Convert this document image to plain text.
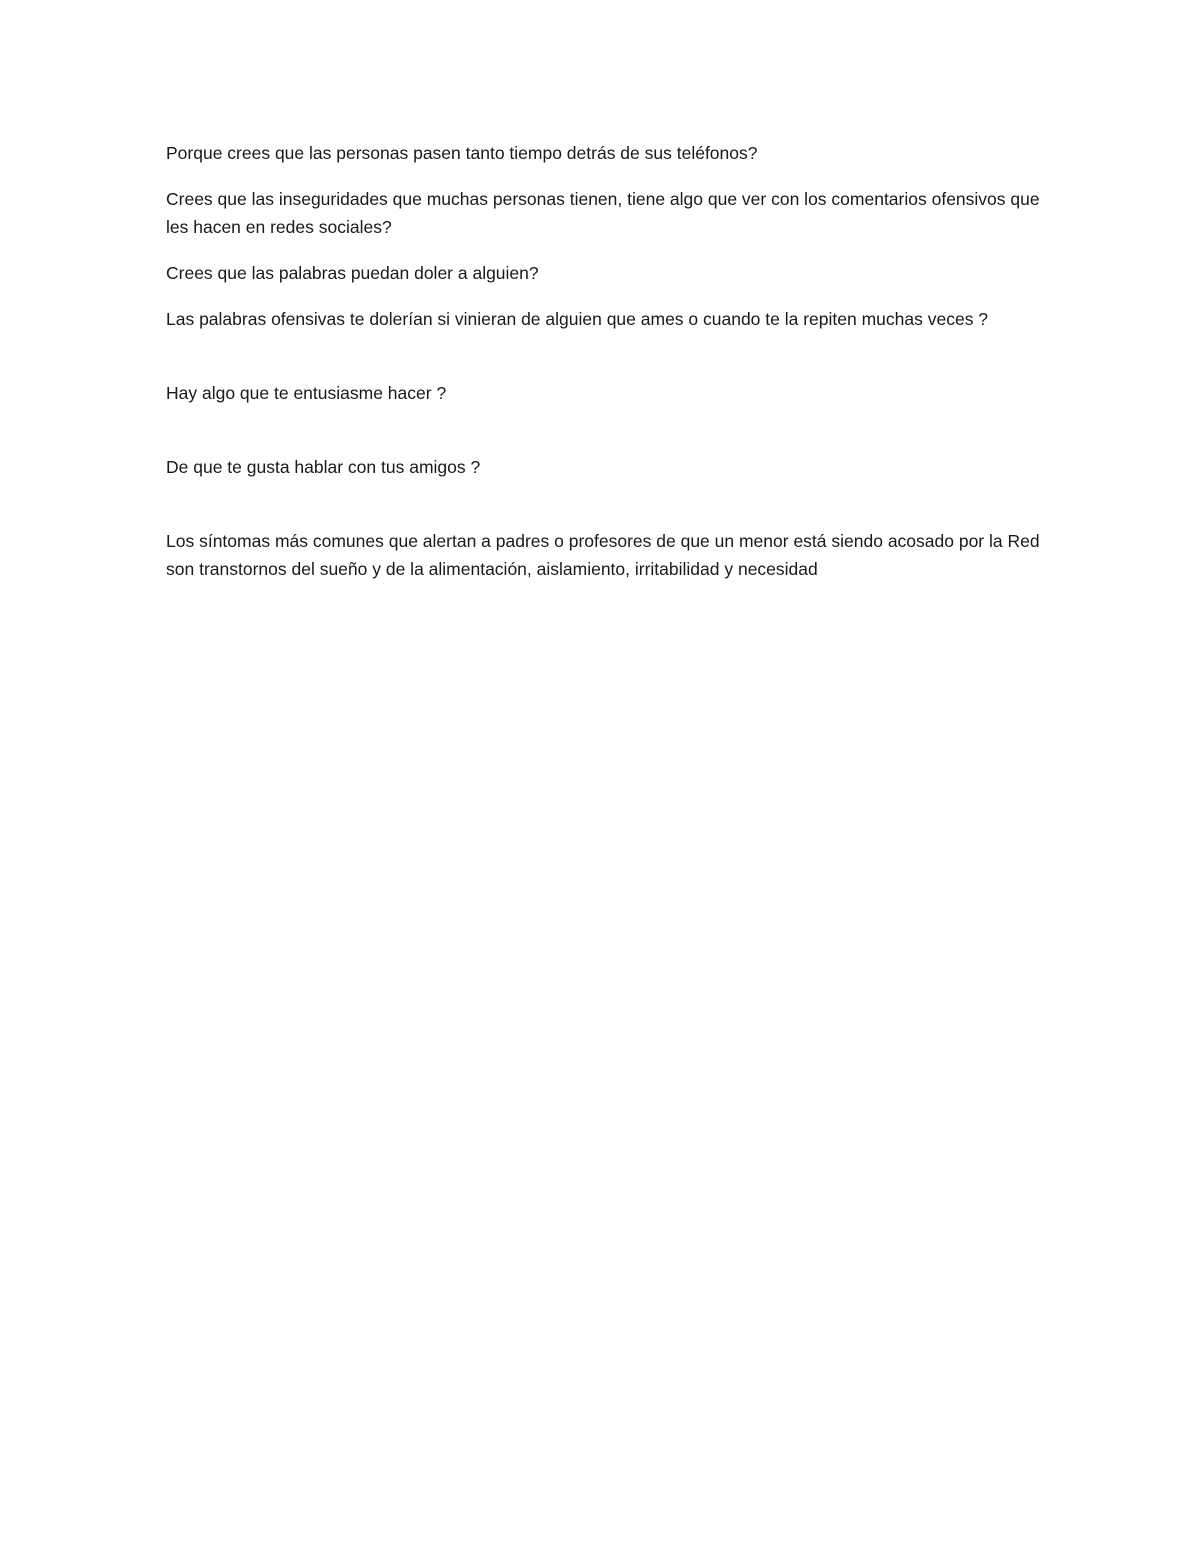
Porque crees que las personas pasen tanto tiempo detrás de sus teléfonos?

Crees que las inseguridades que muchas personas tienen, tiene algo que ver con los comentarios ofensivos que les hacen en redes sociales?

Crees que las palabras puedan doler a alguien?

Las palabras ofensivas te dolerían si vinieran de alguien que ames o cuando te la repiten muchas veces ?

Hay algo que te entusiasme hacer ?

De que te gusta hablar con tus amigos ?

Los síntomas más comunes que alertan a padres o profesores de que un menor está siendo acosado por la Red son transtornos del sueño y de la alimentación, aislamiento, irritabilidad y necesidad
